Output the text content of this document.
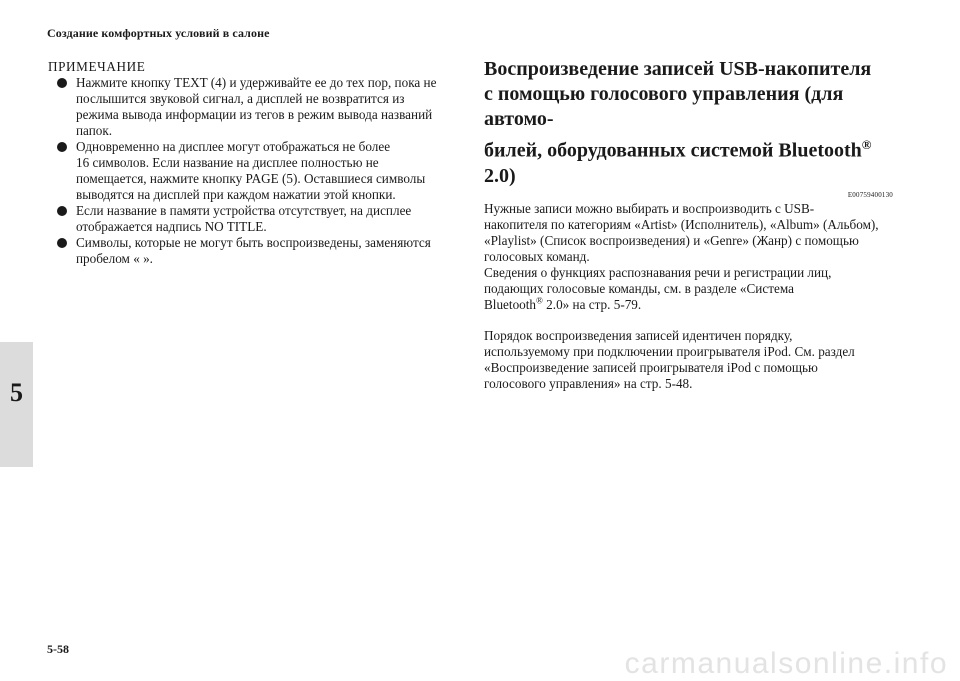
Создание комфортных условий в салоне
5
ПРИМЕЧАНИЕ
Нажмите кнопку TEXT (4) и удерживайте ее до тех пор, пока не
послышится звуковой сигнал, а дисплей не возвратится из
режима вывода информации из тегов в режим вывода названий
папок.
Одновременно на дисплее могут отображаться не более
16 символов. Если название на дисплее полностью не
помещается, нажмите кнопку PAGE (5). Оставшиеся символы
выводятся на дисплей при каждом нажатии этой кнопки.
Если название в памяти устройства отсутствует, на дисплее
отображается надпись NO TITLE.
Символы, которые не могут быть воспроизведены, заменяются
пробелом « ».
Воспроизведение записей USB-накопителя
с помощью голосового управления (для автомо-
билей, оборудованных системой Bluetooth® 2.0)
E00759400130

Нужные записи можно выбирать и воспроизводить с USB-
накопителя по категориям «Artist» (Исполнитель), «Album» (Альбом),
«Playlist» (Список воспроизведения) и «Genre» (Жанр) с помощью
голосовых команд.

Сведения о функциях распознавания речи и регистрации лиц,
подающих голосовые команды, см. в разделе «Система
Bluetooth® 2.0» на стр. 5-79.

Порядок воспроизведения записей идентичен порядку,
используемому при подключении проигрывателя iPod. См. раздел
«Воспроизведение записей проигрывателя iPod с помощью
голосового управления» на стр. 5-48.

5-58	carmanualsonline.info
